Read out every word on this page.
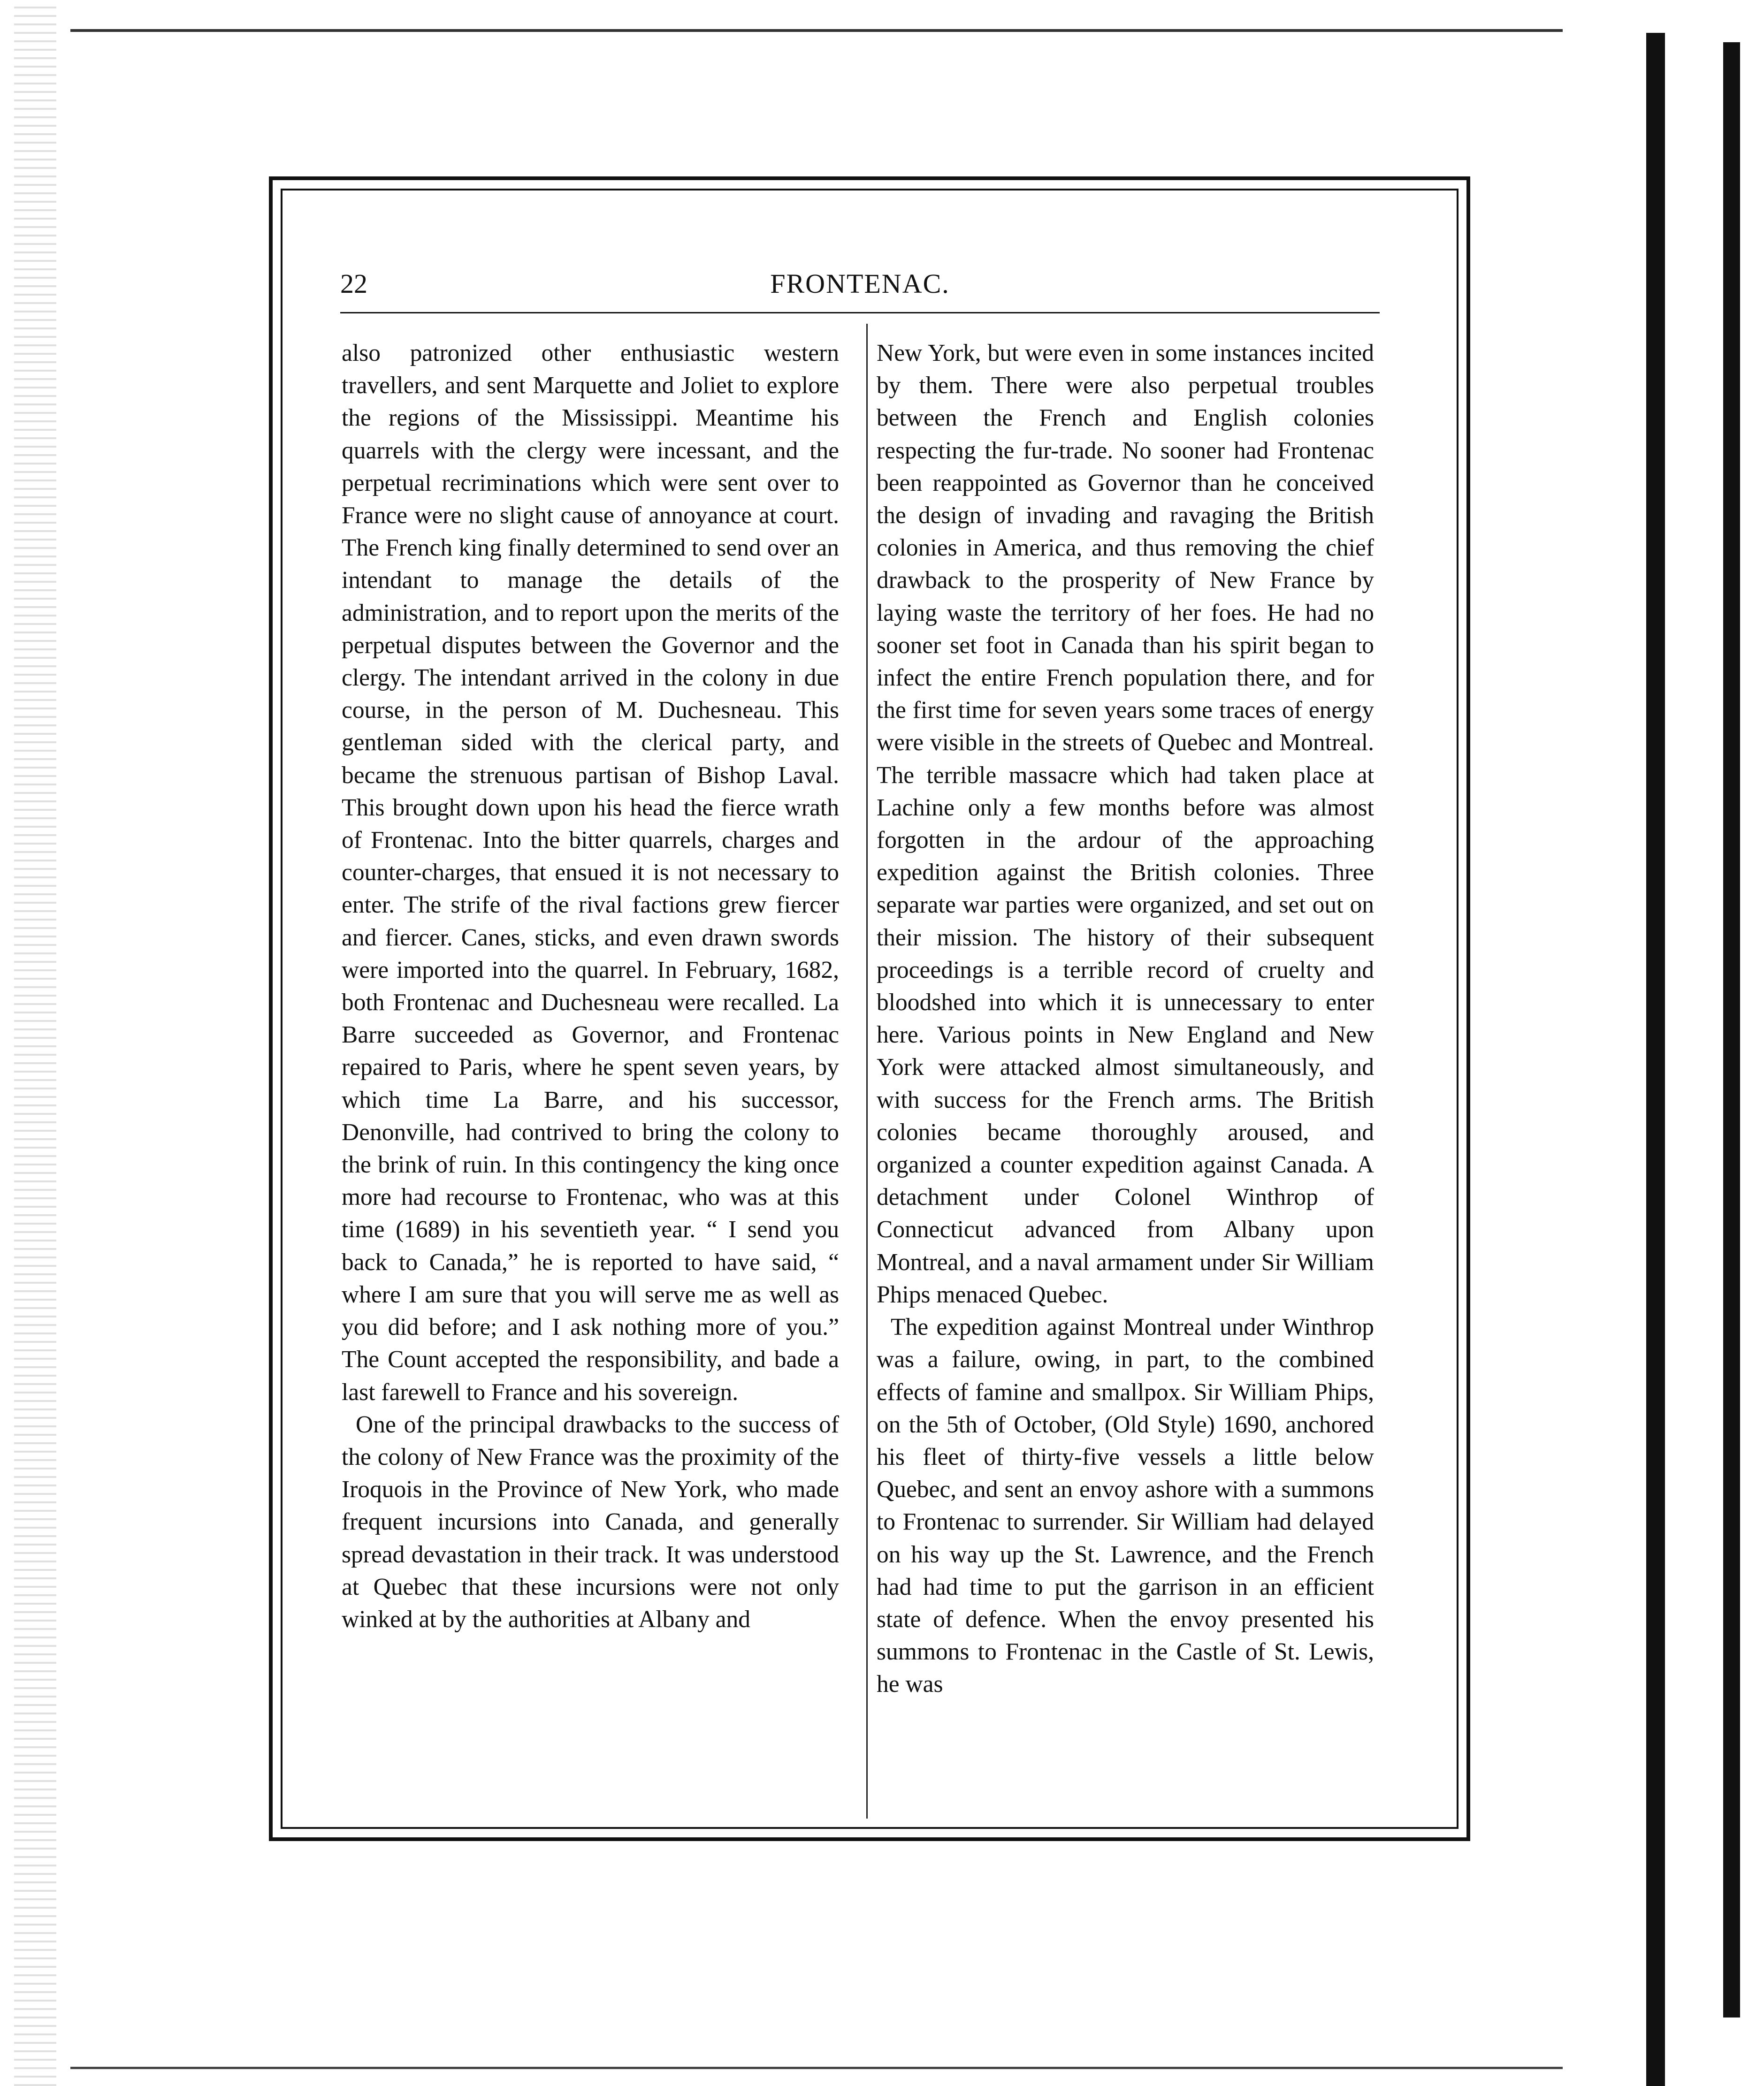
22	FRONTENAC.

also patronized other enthusiastic western travellers, and sent Marquette and Joliet to explore the regions of the Mississippi. Meantime his quarrels with the clergy were incessant, and the perpetual recriminations which were sent over to France were no slight cause of annoyance at court. The French king finally determined to send over an intendant to manage the details of the administration, and to report upon the merits of the perpetual disputes between the Governor and the clergy. The intendant arrived in the colony in due course, in the person of M. Duchesneau. This gentleman sided with the clerical party, and became the strenuous partisan of Bishop Laval. This brought down upon his head the fierce wrath of Frontenac. Into the bitter quarrels, charges and counter-charges, that ensued it is not necessary to enter. The strife of the rival factions grew fiercer and fiercer. Canes, sticks, and even drawn swords were imported into the quarrel. In February, 1682, both Frontenac and Duchesneau were recalled. La Barre succeeded as Governor, and Frontenac repaired to Paris, where he spent seven years, by which time La Barre, and his successor, Denonville, had contrived to bring the colony to the brink of ruin. In this contingency the king once more had recourse to Frontenac, who was at this time (1689) in his seventieth year. “ I send you back to Canada,” he is reported to have said, “ where I am sure that you will serve me as well as you did before; and I ask nothing more of you.” The Count accepted the responsibility, and bade a last farewell to France and his sovereign.

One of the principal drawbacks to the success of the colony of New France was the proximity of the Iroquois in the Province of New York, who made frequent incursions into Canada, and generally spread devastation in their track. It was understood at Quebec that these incursions were not only winked at by the authorities at Albany and

New York, but were even in some instances incited by them. There were also perpetual troubles between the French and English colonies respecting the fur-trade. No sooner had Frontenac been reappointed as Governor than he conceived the design of invading and ravaging the British colonies in America, and thus removing the chief drawback to the prosperity of New France by laying waste the territory of her foes. He had no sooner set foot in Canada than his spirit began to infect the entire French population there, and for the first time for seven years some traces of energy were visible in the streets of Quebec and Montreal. The terrible massacre which had taken place at Lachine only a few months before was almost forgotten in the ardour of the approaching expedition against the British colonies. Three separate war parties were organized, and set out on their mission. The history of their subsequent proceedings is a terrible record of cruelty and bloodshed into which it is unnecessary to enter here. Various points in New England and New York were attacked almost simultaneously, and with success for the French arms. The British colonies became thoroughly aroused, and organized a counter expedition against Canada. A detachment under Colonel Winthrop of Connecticut advanced from Albany upon Montreal, and a naval armament under Sir William Phips menaced Quebec.

The expedition against Montreal under Winthrop was a failure, owing, in part, to the combined effects of famine and smallpox. Sir William Phips, on the 5th of October, (Old Style) 1690, anchored his fleet of thirty-five vessels a little below Quebec, and sent an envoy ashore with a summons to Frontenac to surrender. Sir William had delayed on his way up the St. Lawrence, and the French had had time to put the garrison in an efficient state of defence. When the envoy presented his summons to Frontenac in the Castle of St. Lewis, he was
